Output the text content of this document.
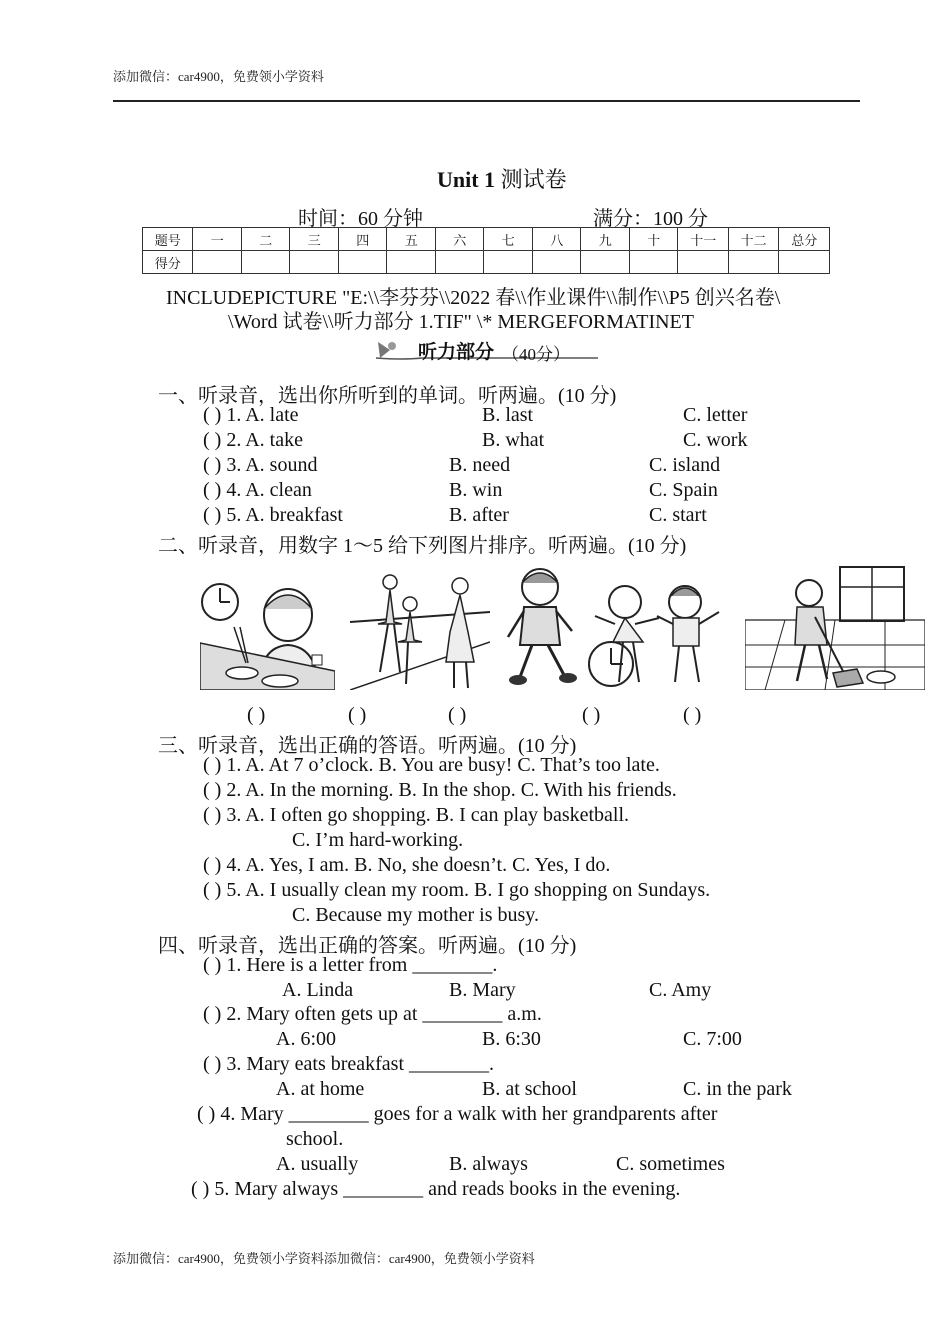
添加微信：car4900，免费领小学资料
Unit 1 测试卷
时间：60 分钟	满分：100 分
题号	一	二	三	四	五	六	七	八	九	十	十一	十二	总分
得分													
INCLUDEPICTURE "E:\\李芬芬\\2022 春\\作业课件\\制作\\P5 创兴名卷\
\Word 试卷\\听力部分 1.TIF" \* MERGEFORMATINET
听力部分 （40分）
一、听录音，选出你所听到的单词。听两遍。(10 分)
( ) 1. A. late	B. last	C. letter
( ) 2. A. take	B. what	C. work
( ) 3. A. sound	B. need	C. island
( ) 4. A. clean	B. win	C. Spain
( ) 5. A. breakfast	B. after	C. start
二、听录音，用数字 1～5 给下列图片排序。听两遍。(10 分)
( )	( )	( )	( )	( )
三、听录音，选出正确的答语。听两遍。(10 分)
( ) 1. A. At 7 o’clock. B. You are busy! C. That’s too late.
( ) 2. A. In the morning. B. In the shop. C. With his friends.
( ) 3. A. I often go shopping. B. I can play basketball.
C. I’m hard-working.
( ) 4. A. Yes, I am. B. No, she doesn’t. C. Yes, I do.
( ) 5. A. I usually clean my room. B. I go shopping on Sundays.
C. Because my mother is busy.
四、听录音，选出正确的答案。听两遍。(10 分)
( ) 1. Here is a letter from ________.
A. Linda	B. Mary	C. Amy
( ) 2. Mary often gets up at ________ a.m.
A. 6:00	B. 6:30	C. 7:00
( ) 3. Mary eats breakfast ________.
A. at home	B. at school	C. in the park
( ) 4. Mary ________ goes for a walk with her grandparents after
school.
A. usually	B. always	C. sometimes
( ) 5. Mary always ________ and reads books in the evening.
添加微信：car4900，免费领小学资料添加微信：car4900，免费领小学资料
